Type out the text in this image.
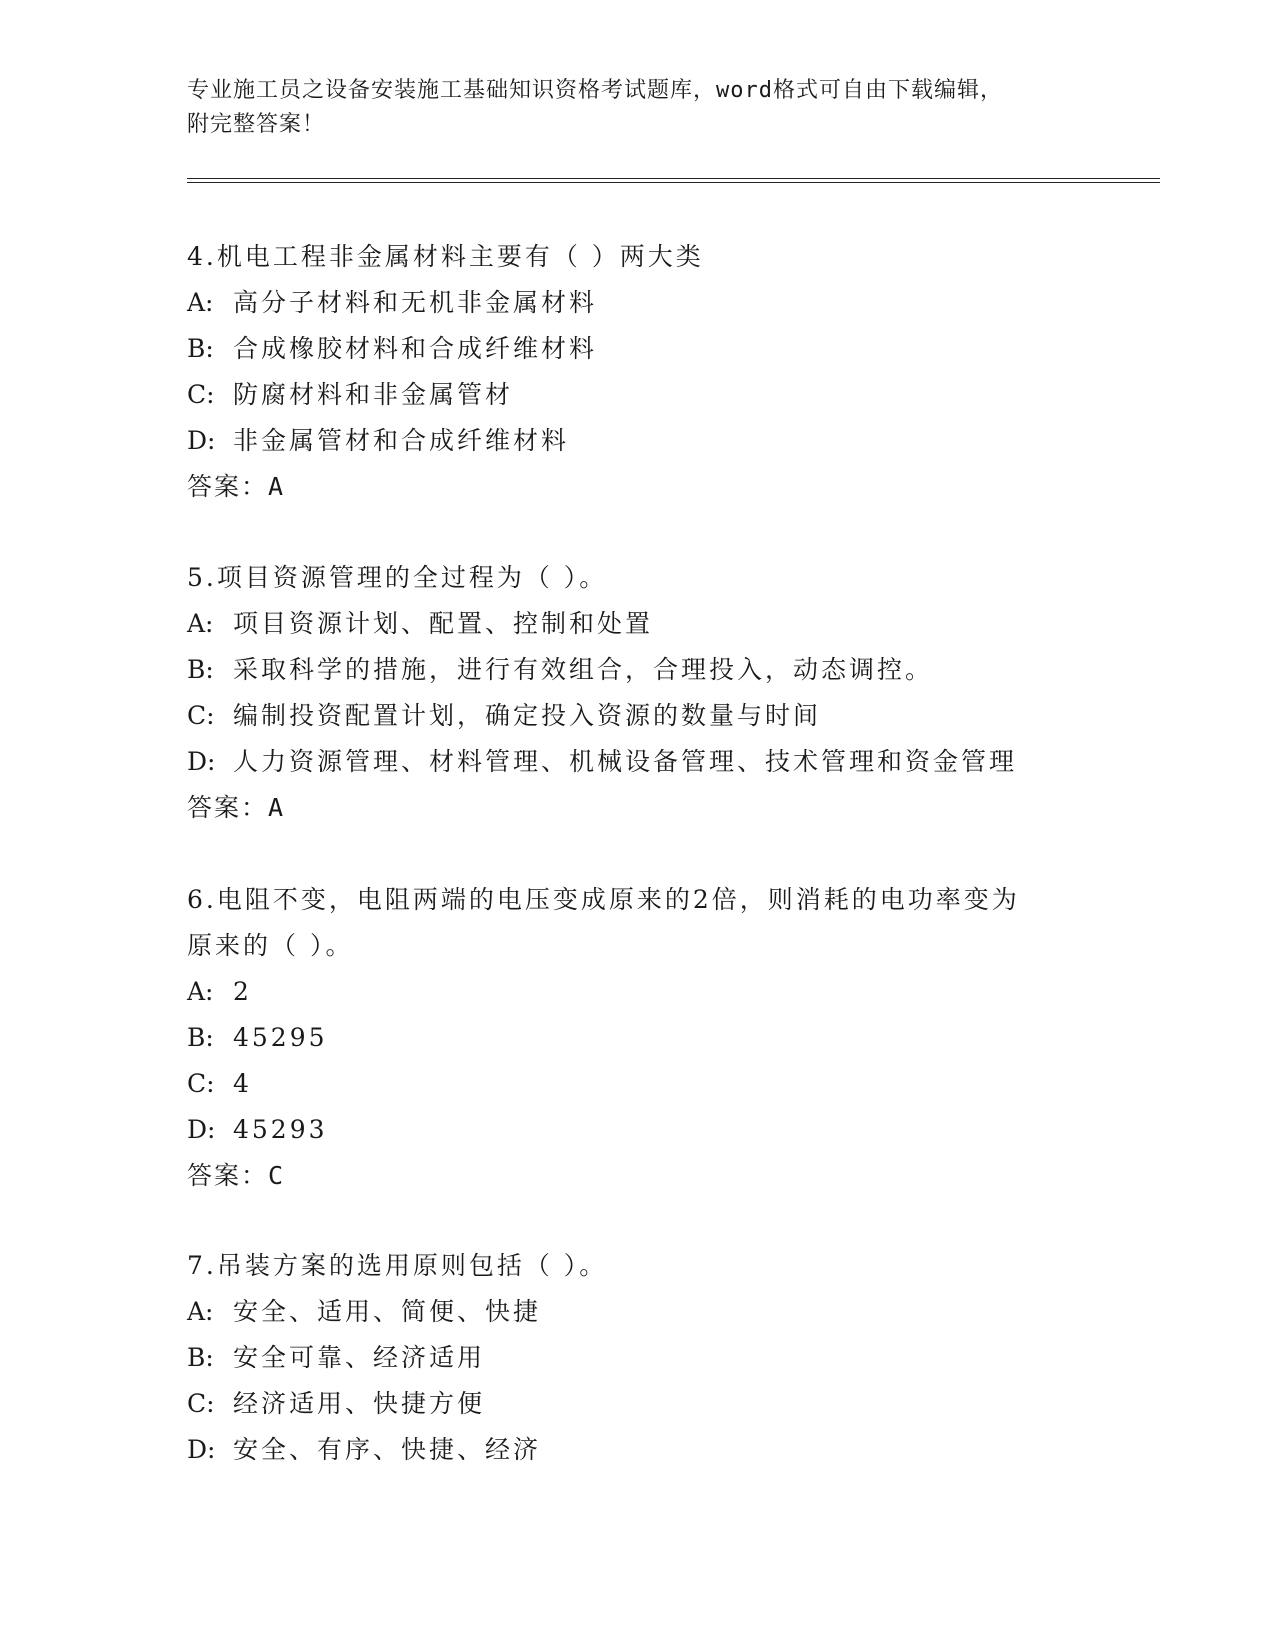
专业施工员之设备安装施工基础知识资格考试题库，word格式可自由下载编辑，
附完整答案！
4.机电工程非金属材料主要有（ ）两大类
A: 高分子材料和无机非金属材料
B: 合成橡胶材料和合成纤维材料
C: 防腐材料和非金属管材
D: 非金属管材和合成纤维材料
答案：A
5.项目资源管理的全过程为（ ）。
A: 项目资源计划、配置、控制和处置
B: 采取科学的措施，进行有效组合，合理投入，动态调控。
C: 编制投资配置计划，确定投入资源的数量与时间
D: 人力资源管理、材料管理、机械设备管理、技术管理和资金管理
答案：A
6.电阻不变，电阻两端的电压变成原来的2倍，则消耗的电功率变为
原来的（ ）。
A: 2
B: 45295
C: 4
D: 45293
答案：C
7.吊装方案的选用原则包括（ ）。
A: 安全、适用、简便、快捷
B: 安全可靠、经济适用
C: 经济适用、快捷方便
D: 安全、有序、快捷、经济
